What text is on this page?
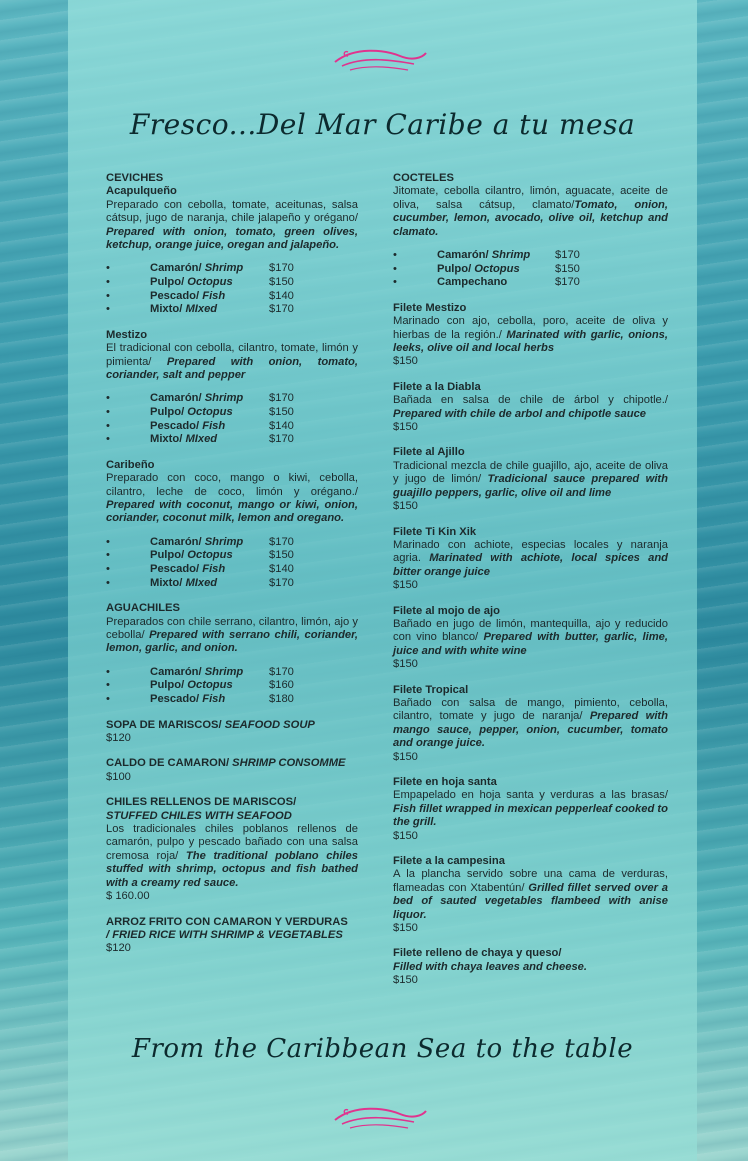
Fresco...Del Mar Caribe a tu mesa
CEVICHES
Acapulqueño
Preparado con cebolla, tomate, aceitunas, salsa cátsup, jugo de naranja, chile jalapeño y orégano/ Prepared with onion, tomato, green olives, ketchup, orange juice, oregan and jalapeño.
•	Camarón/ Shrimp $170
•	Pulpo/ Octopus	$150
•	Pescado/ Fish	$140
•	Mixto/ MIxed	$170
Mestizo
El tradicional con cebolla, cilantro, tomate, limón y pimienta/ Prepared with onion, tomato, coriander, salt and pepper
•	Camarón/ Shrimp $170
•	Pulpo/ Octopus	$150
•	Pescado/ Fish	$140
•	Mixto/ MIxed	$170
Caribeño
Preparado con coco, mango o kiwi, cebolla, cilantro, leche de coco, limón y orégano./ Prepared with coconut, mango or kiwi, onion, coriander, coconut milk, lemon and oregano.
•	Camarón/ Shrimp $170
•	Pulpo/ Octopus	$150
•	Pescado/ Fish	$140
•	Mixto/ MIxed	$170
AGUACHILES
Preparados con chile serrano, cilantro, limón, ajo y cebolla/ Prepared with serrano chili, coriander, lemon, garlic, and onion.
•	Camarón/ Shrimp $170
•	Pulpo/ Octopus	$160
•	Pescado/ Fish	$180
SOPA DE MARISCOS/ SEAFOOD SOUP
$120
CALDO DE CAMARON/ SHRIMP CONSOMME
$100
CHILES RELLENOS DE MARISCOS/
STUFFED CHILES WITH SEAFOOD
Los tradicionales chiles poblanos rellenos de camarón, pulpo y pescado bañado con una salsa cremosa roja/ The traditional poblano chiles stuffed with shrimp, octopus and fish bathed with a creamy red sauce.
$ 160.00
ARROZ FRITO CON CAMARON Y VERDURAS
/ FRIED RICE WITH SHRIMP & VEGETABLES
$120
COCTELES
Jitomate, cebolla cilantro, limón, aguacate, aceite de oliva, salsa cátsup, clamato/Tomato, onion, cucumber, lemon, avocado, olive oil, ketchup and clamato.
•	Camarón/ Shrimp $170
•	Pulpo/ Octopus	$150
•	Campechano	$170
Filete Mestizo
Marinado con ajo, cebolla, poro, aceite de oliva y hierbas de la región./ Marinated with garlic, onions, leeks, olive oil and local herbs
$150
Filete a la Diabla
Bañada en salsa de chile de árbol y chipotle./ Prepared with chile de arbol and chipotle sauce
$150
Filete al Ajillo
Tradicional mezcla de chile guajillo, ajo, aceite de oliva y jugo de limón/ Tradicional sauce prepared with guajillo peppers, garlic, olive oil and lime
$150
Filete Ti Kin Xik
Marinado con achiote, especias locales y naranja agria. Marinated with achiote, local spices and bitter orange juice
$150
Filete al mojo de ajo
Bañado en jugo de limón, mantequilla, ajo y reducido con vino blanco/ Prepared with butter, garlic, lime, juice and with white wine
$150
Filete Tropical
Bañado con salsa de mango, pimiento, cebolla, cilantro, tomate y jugo de naranja/ Prepared with mango sauce, pepper, onion, cucumber, tomato and orange juice.
$150
Filete en hoja santa
Empapelado en hoja santa y verduras a las brasas/ Fish fillet wrapped in mexican pepperleaf cooked to the grill.
$150
Filete a la campesina
A la plancha servido sobre una cama de verduras, flameadas con Xtabentún/ Grilled fillet served over a bed of sauted vegetables flambeed with anise liquor.
$150
Filete relleno de chaya y queso/
Filled with chaya leaves and cheese.
$150
From the Caribbean Sea to the table
